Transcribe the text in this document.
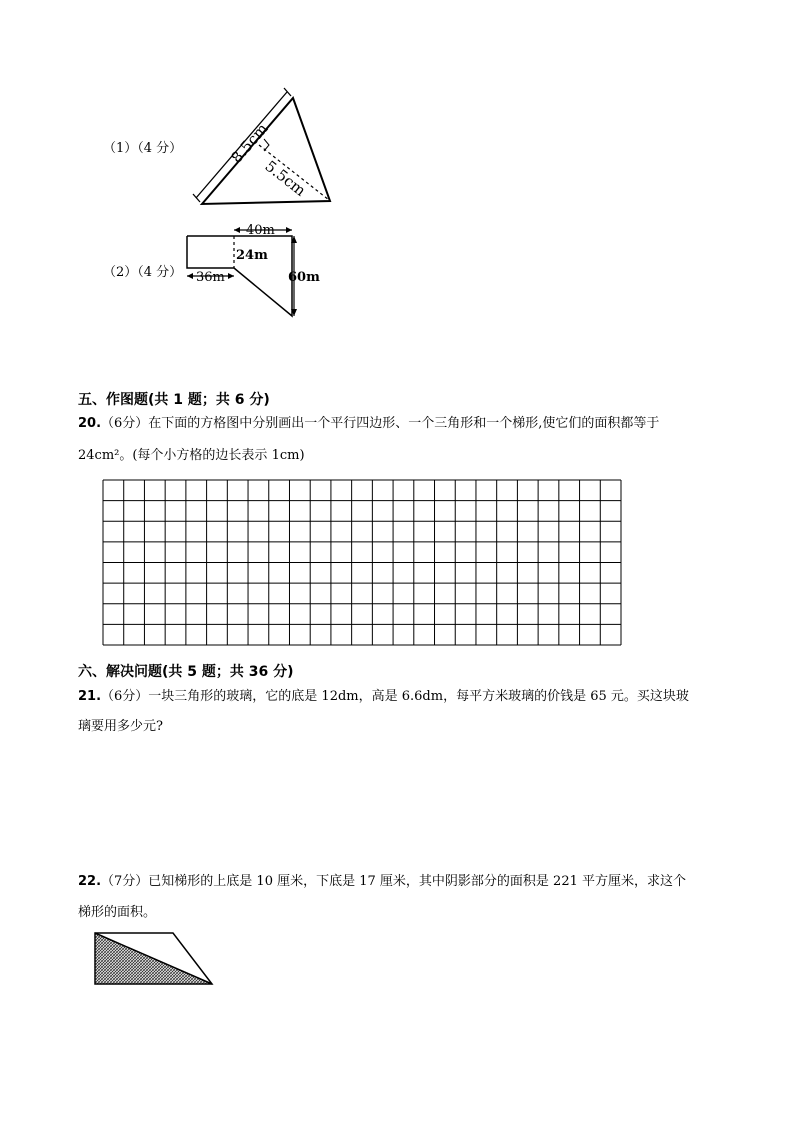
（1）（4 分）	8.5cm
5.5cm
（2）（4 分）
40m
24m
60m
36m
五、作图题(共 1 题；共 6 分)
20.（6分）在下面的方格图中分别画出一个平行四边形、一个三角形和一个梯形,使它们的面积都等于
24cm²。(每个小方格的边长表示 1cm)
六、解决问题(共 5 题；共 36 分)
21.（6分）一块三角形的玻璃，它的底是 12dm，高是 6.6dm，每平方米玻璃的价钱是 65 元。买这块玻
璃要用多少元?
22.（7分）已知梯形的上底是 10 厘米，下底是 17 厘米，其中阴影部分的面积是 221 平方厘米，求这个
梯形的面积。
